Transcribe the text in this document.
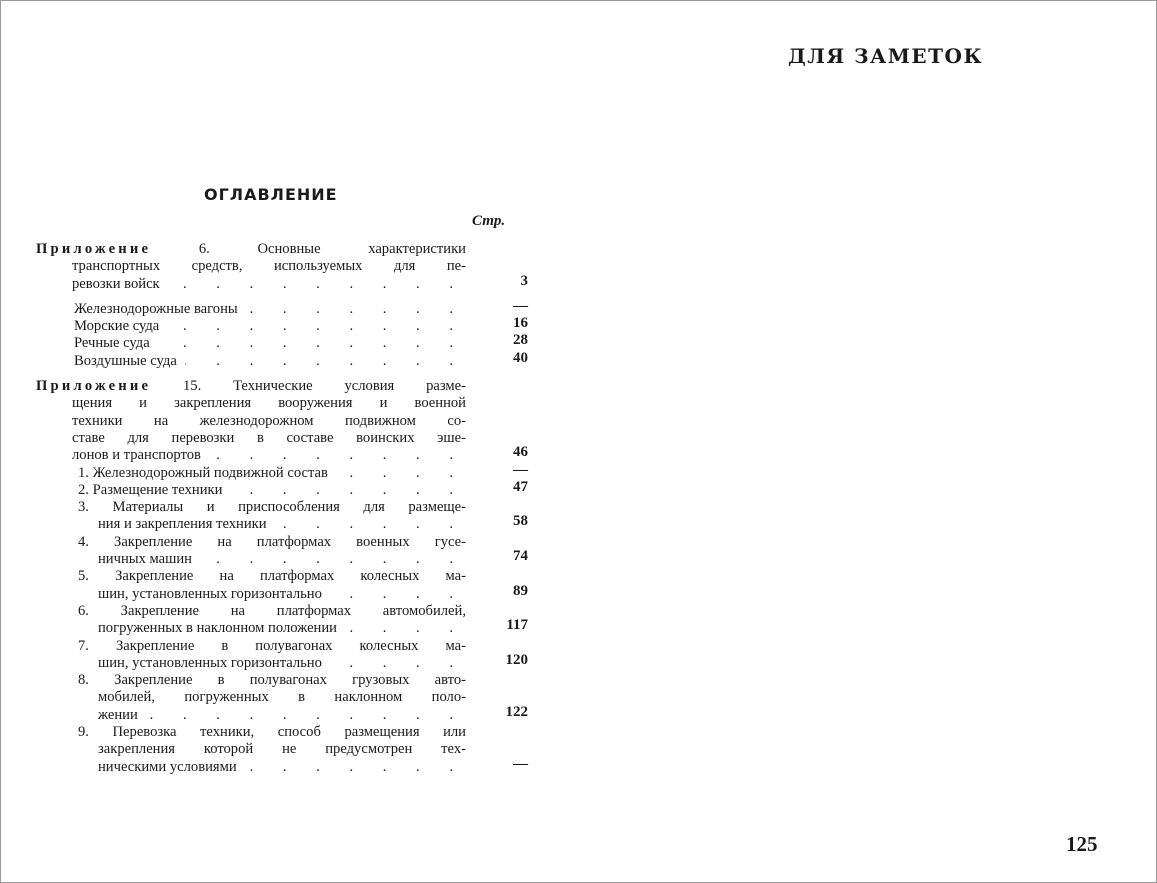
ДЛЯ ЗАМЕТОК
125
ОГЛАВЛЕНИЕ
Стр.
Приложение	6. Основные характеристики
транспортных средств, используемых для пе-
ревозки войск . . .	3
Железнодорожные вагоны . . .	—
Морские суда . . .	16
Речные суда . . .	28
Воздушные суда . . .	40
Приложение 15. Технические условия разме-
щения и закрепления вооружения и военной
техники на железнодорожном подвижном со-
ставе для перевозки в составе воинских эше-
лонов и транспортов . . .	46
1. Железнодорожный подвижной состав . . .	—
2. Размещение техники . . .	47
3. Материалы и приспособления для размеще-
ния и закрепления техники . . .	58
4. Закрепление на платформах военных гусе-
ничных машин . . .	74
5. Закрепление на платформах колесных ма-
шин, установленных горизонтально . . .	89
6. Закрепление на платформах автомобилей,
погруженных в наклонном положении . . .	117
7. Закрепление в полувагонах колесных ма-
шин, установленных горизонтально . . .	120
8. Закрепление в полувагонах грузовых авто-
мобилей, погруженных в наклонном поло-
жении . . .	122
9. Перевозка техники, способ размещения или
закрепления которой не предусмотрен тех-
ническими условиями . . .	—
